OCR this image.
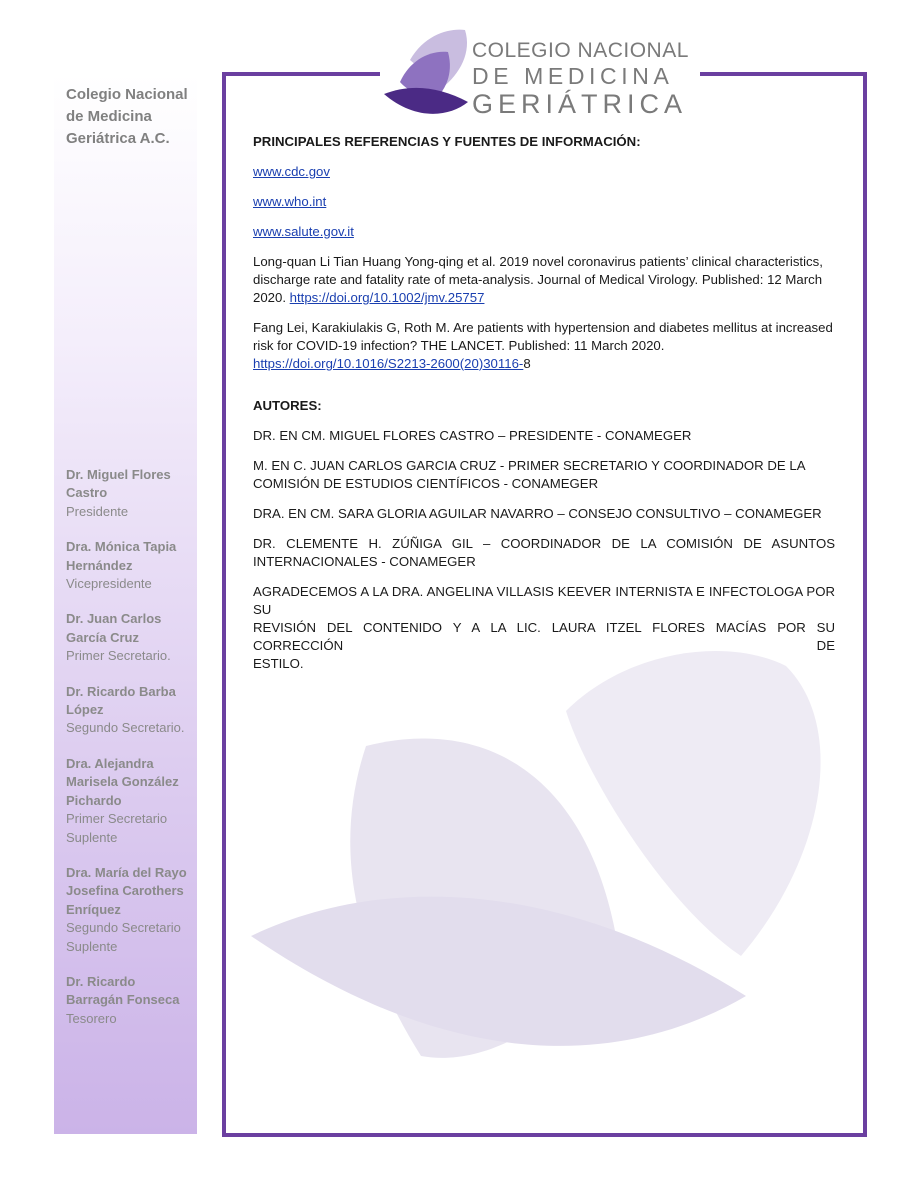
Colegio Nacional de Medicina Geriátrica A.C.
Dr. Miguel Flores Castro
Presidente
Dra. Mónica Tapia Hernández
Vicepresidente
Dr. Juan Carlos García Cruz
Primer Secretario.
Dr. Ricardo Barba López
Segundo Secretario.
Dra. Alejandra Marisela González Pichardo
Primer Secretario Suplente
Dra. María del Rayo Josefina Carothers Enríquez
Segundo Secretario Suplente
Dr. Ricardo Barragán Fonseca
Tesorero
COLEGIO NACIONAL
DE MEDICINA
GERIÁTRICA

PRINCIPALES REFERENCIAS Y FUENTES DE INFORMACIÓN:

www.cdc.gov

www.who.int

www.salute.gov.it

Long-quan Li Tian Huang Yong-qing et al. 2019 novel coronavirus patients’ clinical characteristics, discharge rate and fatality rate of meta-analysis. Journal of Medical Virology. Published: 12 March 2020. https://doi.org/10.1002/jmv.25757

Fang Lei, Karakiulakis G, Roth M. Are patients with hypertension and diabetes mellitus at increased risk for COVID-19 infection? THE LANCET. Published: 11 March 2020. https://doi.org/10.1016/S2213-2600(20)30116-8

AUTORES:

DR. EN CM. MIGUEL FLORES CASTRO – PRESIDENTE - CONAMEGER

M. EN C. JUAN CARLOS GARCIA CRUZ - PRIMER SECRETARIO Y COORDINADOR DE LA COMISIÓN DE ESTUDIOS CIENTÍFICOS - CONAMEGER

DRA. EN CM. SARA GLORIA AGUILAR NAVARRO – CONSEJO CONSULTIVO – CONAMEGER

DR. CLEMENTE H. ZÚÑIGA GIL – COORDINADOR DE LA COMISIÓN DE ASUNTOS
INTERNACIONALES - CONAMEGER

AGRADECEMOS A LA DRA. ANGELINA VILLASIS KEEVER INTERNISTA E INFECTOLOGA POR SU
REVISIÓN DEL CONTENIDO Y A LA LIC. LAURA ITZEL FLORES MACÍAS POR SU CORRECCIÓN DE
ESTILO.
